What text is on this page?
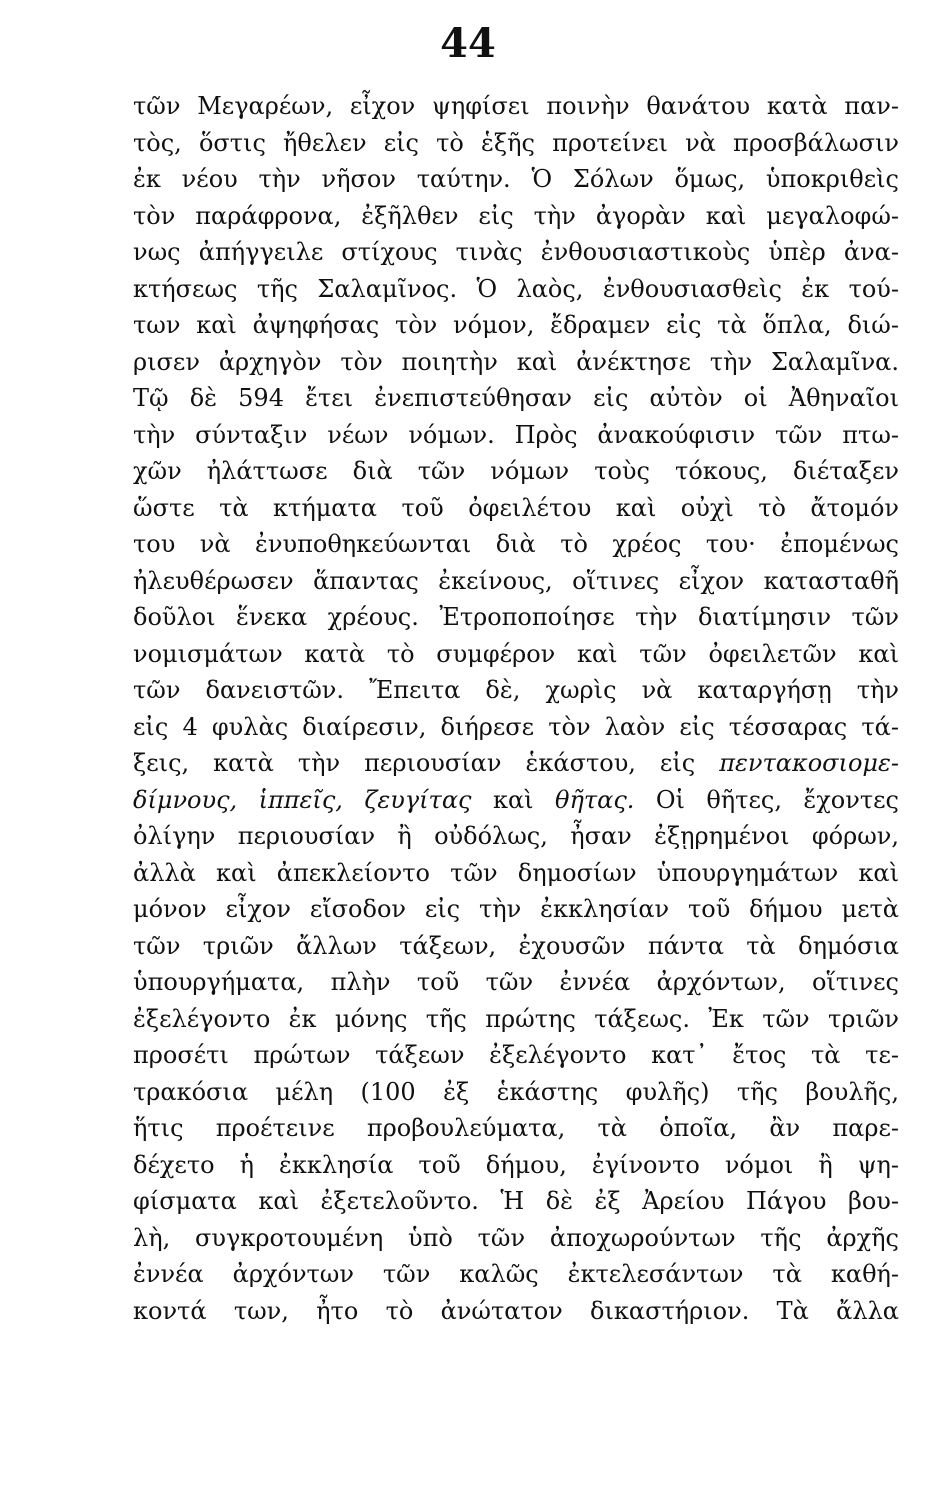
44
τῶν Μεγαρέων, εἶχον ψηφίσει ποινὴν θανάτου κατὰ παν-
τὸς, ὅστις ἤθελεν εἰς τὸ ἑξῆς προτείνει νὰ προσβάλωσιν
ἐκ νέου τὴν νῆσον ταύτην. Ὁ Σόλων ὅμως, ὑποκριθεὶς
τὸν παράφρονα, ἐξῆλθεν εἰς τὴν ἀγορὰν καὶ μεγαλοφώ-
νως ἀπήγγειλε στίχους τινὰς ἐνθουσιαστικοὺς ὑπὲρ ἀνα-
κτήσεως τῆς Σαλαμῖνος. Ὁ λαὸς, ἐνθουσιασθεὶς ἐκ τού-
των καὶ ἀψηφήσας τὸν νόμον, ἔδραμεν εἰς τὰ ὅπλα, διώ-
ρισεν ἀρχηγὸν τὸν ποιητὴν καὶ ἀνέκτησε τὴν Σαλαμῖνα.
Τῷ δὲ 594 ἔτει ἐνεπιστεύθησαν εἰς αὐτὸν οἱ Ἀθηναῖοι
τὴν σύνταξιν νέων νόμων. Πρὸς ἀνακούφισιν τῶν πτω-
χῶν ἠλάττωσε διὰ τῶν νόμων τοὺς τόκους, διέταξεν
ὥστε τὰ κτήματα τοῦ ὀφειλέτου καὶ οὐχὶ τὸ ἄτομόν
του νὰ ἐνυποθηκεύωνται διὰ τὸ χρέος του· ἐπομένως
ἠλευθέρωσεν ἅπαντας ἐκείνους, οἵτινες εἶχον κατασταθῆ
δοῦλοι ἕνεκα χρέους. Ἐτροποποίησε τὴν διατίμησιν τῶν
νομισμάτων κατὰ τὸ συμφέρον καὶ τῶν ὀφειλετῶν καὶ
τῶν δανειστῶν. Ἔπειτα δὲ, χωρὶς νὰ καταργήσῃ τὴν
εἰς 4 φυλὰς διαίρεσιν, διήρεσε τὸν λαὸν εἰς τέσσαρας τά-
ξεις, κατὰ τὴν περιουσίαν ἑκάστου, εἰς πεντακοσιομε-
δίμνους, ἱππεῖς, ζευγίτας καὶ θῆτας. Οἱ θῆτες, ἔχοντες
ὀλίγην περιουσίαν ἢ οὐδόλως, ἦσαν ἐξῃρημένοι φόρων,
ἀλλὰ καὶ ἀπεκλείοντο τῶν δημοσίων ὑπουργημάτων καὶ
μόνον εἶχον εἴσοδον εἰς τὴν ἐκκλησίαν τοῦ δήμου μετὰ
τῶν τριῶν ἄλλων τάξεων, ἐχουσῶν πάντα τὰ δημόσια
ὑπουργήματα, πλὴν τοῦ τῶν ἐννέα ἀρχόντων, οἵτινες
ἐξελέγοντο ἐκ μόνης τῆς πρώτης τάξεως. Ἐκ τῶν τριῶν
προσέτι πρώτων τάξεων ἐξελέγοντο κατ᾽ ἔτος τὰ τε-
τρακόσια μέλη (100 ἐξ ἑκάστης φυλῆς) τῆς βουλῆς,
ἥτις προέτεινε προβουλεύματα, τὰ ὁποῖα, ἂν παρε-
δέχετο ἡ ἐκκλησία τοῦ δήμου, ἐγίνοντο νόμοι ἢ ψη-
φίσματα καὶ ἐξετελοῦντο. Ἡ δὲ ἐξ Ἀρείου Πάγου βου-
λὴ, συγκροτουμένη ὑπὸ τῶν ἀποχωρούντων τῆς ἀρχῆς
ἐννέα ἀρχόντων τῶν καλῶς ἐκτελεσάντων τὰ καθή-
κοντά των, ἦτο τὸ ἀνώτατον δικαστήριον. Τὰ ἄλλα
